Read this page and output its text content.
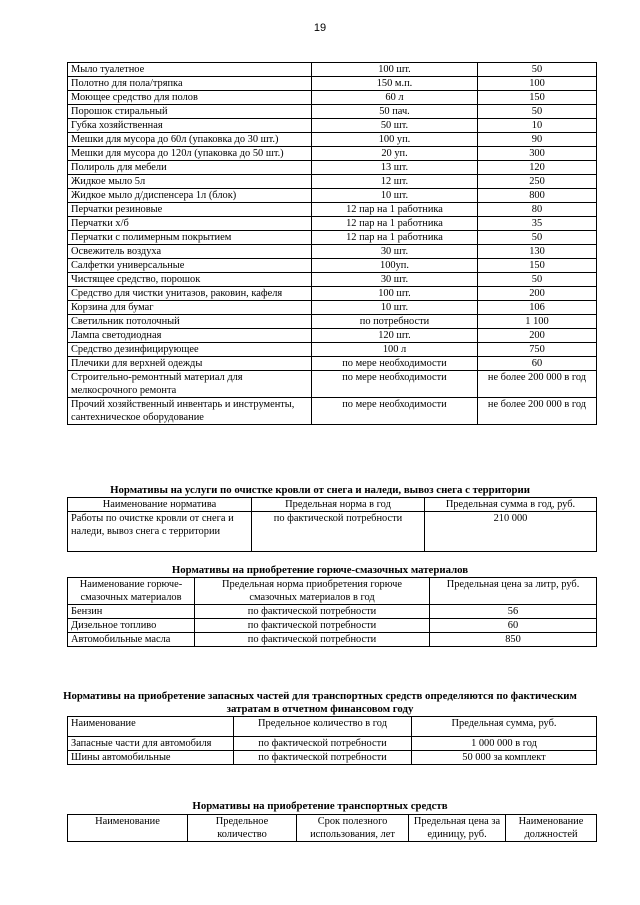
19
Мыло туалетное	100 шт.	50
Полотно для пола/тряпка	150 м.п.	100
Моющее средство для полов	60 л	150
Порошок стиральный	50 пач.	50
Губка хозяйственная	50 шт.	10
Мешки для мусора до 60л (упаковка до 30 шт.)	100 уп.	90
Мешки для мусора до 120л (упаковка до 50 шт.)	20 уп.	300
Полироль для мебели	13 шт.	120
Жидкое мыло 5л	12 шт.	250
Жидкое мыло д/диспенсера 1л (блок)	10 шт.	800
Перчатки резиновые	12 пар на 1 работника	80
Перчатки х/б	12 пар на 1 работника	35
Перчатки с полимерным покрытием	12 пар на 1 работника	50
Освежитель воздуха	30 шт.	130
Салфетки универсальные	100уп.	150
Чистящее средство, порошок	30 шт.	50
Средство для чистки унитазов, раковин, кафеля	100 шт.	200
Корзина для бумаг	10 шт.	106
Светильник потолочный	по потребности	1 100
Лампа светодиодная	120 шт.	200
Средство дезинфицирующее	100 л	750
Плечики для верхней одежды	по мере необходимости	60
Строительно-ремонтный материал для мелкосрочного ремонта	по мере необходимости	не более 200 000 в год
Прочий хозяйственный инвентарь и инструменты, сантехническое оборудование	по мере необходимости	не более 200 000 в год
Нормативы на услуги по очистке кровли от снега и наледи, вывоз снега с территории
Наименование норматива	Предельная норма в год	Предельная сумма в год, руб.
Работы по очистке кровли от снега и наледи, вывоз снега с территории	по фактической потребности	210 000
Нормативы на приобретение горюче-смазочных материалов
Наименование горюче-смазочных материалов	Предельная норма приобретения горюче смазочных материалов в год	Предельная цена за литр, руб.
Бензин	по фактической потребности	56
Дизельное топливо	по фактической потребности	60
Автомобильные масла	по фактической потребности	850
Нормативы на приобретение запасных частей для транспортных средств определяются по фактическим затратам в отчетном финансовом году
Наименование	Предельное количество в год	Предельная сумма, руб.
Запасные части для автомобиля	по фактической потребности	1 000 000 в год
Шины автомобильные	по фактической потребности	50 000 за комплект
Нормативы на приобретение транспортных средств
Наименование	Предельное количество	Срок полезного использования, лет	Предельная цена за единицу, руб.	Наименование должностей
